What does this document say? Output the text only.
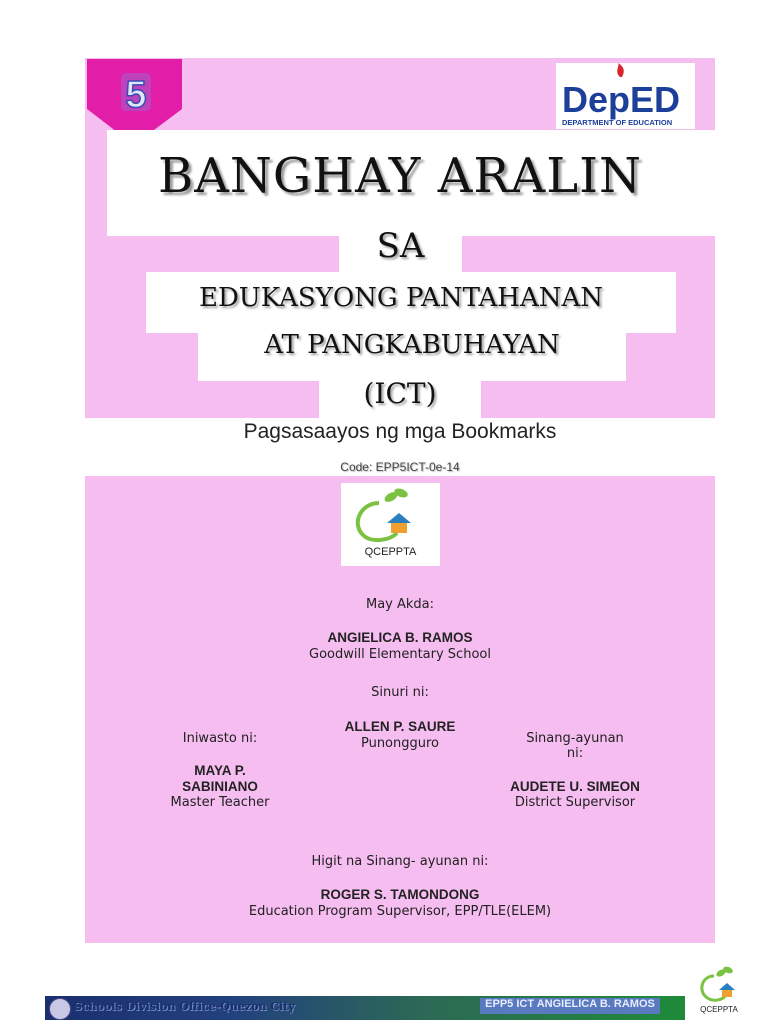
5	DepED
DEPARTMENT OF EDUCATION
BANGHAY ARALIN
SA
EDUKASYONG PANTAHANAN
AT PANGKABUHAYAN
(ICT)
Pagsasaayos ng mga Bookmarks
Code: EPP5ICT-0e-14
QCEPPTA
May Akda:
ANGIELICA B. RAMOS
Goodwill Elementary School
Sinuri ni:
ALLEN P. SAURE
Punongguro
Iniwasto ni:
MAYA P.
SABINIANO
Master Teacher
Sinang-ayunan
ni:
AUDETE U. SIMEON
District Supervisor
Higit na Sinang- ayunan ni:
ROGER S. TAMONDONG
Education Program Supervisor, EPP/TLE(ELEM)
Schools Division Office-Quezon City	EPP5 ICT ANGIELICA B. RAMOS	QCEPPTA
